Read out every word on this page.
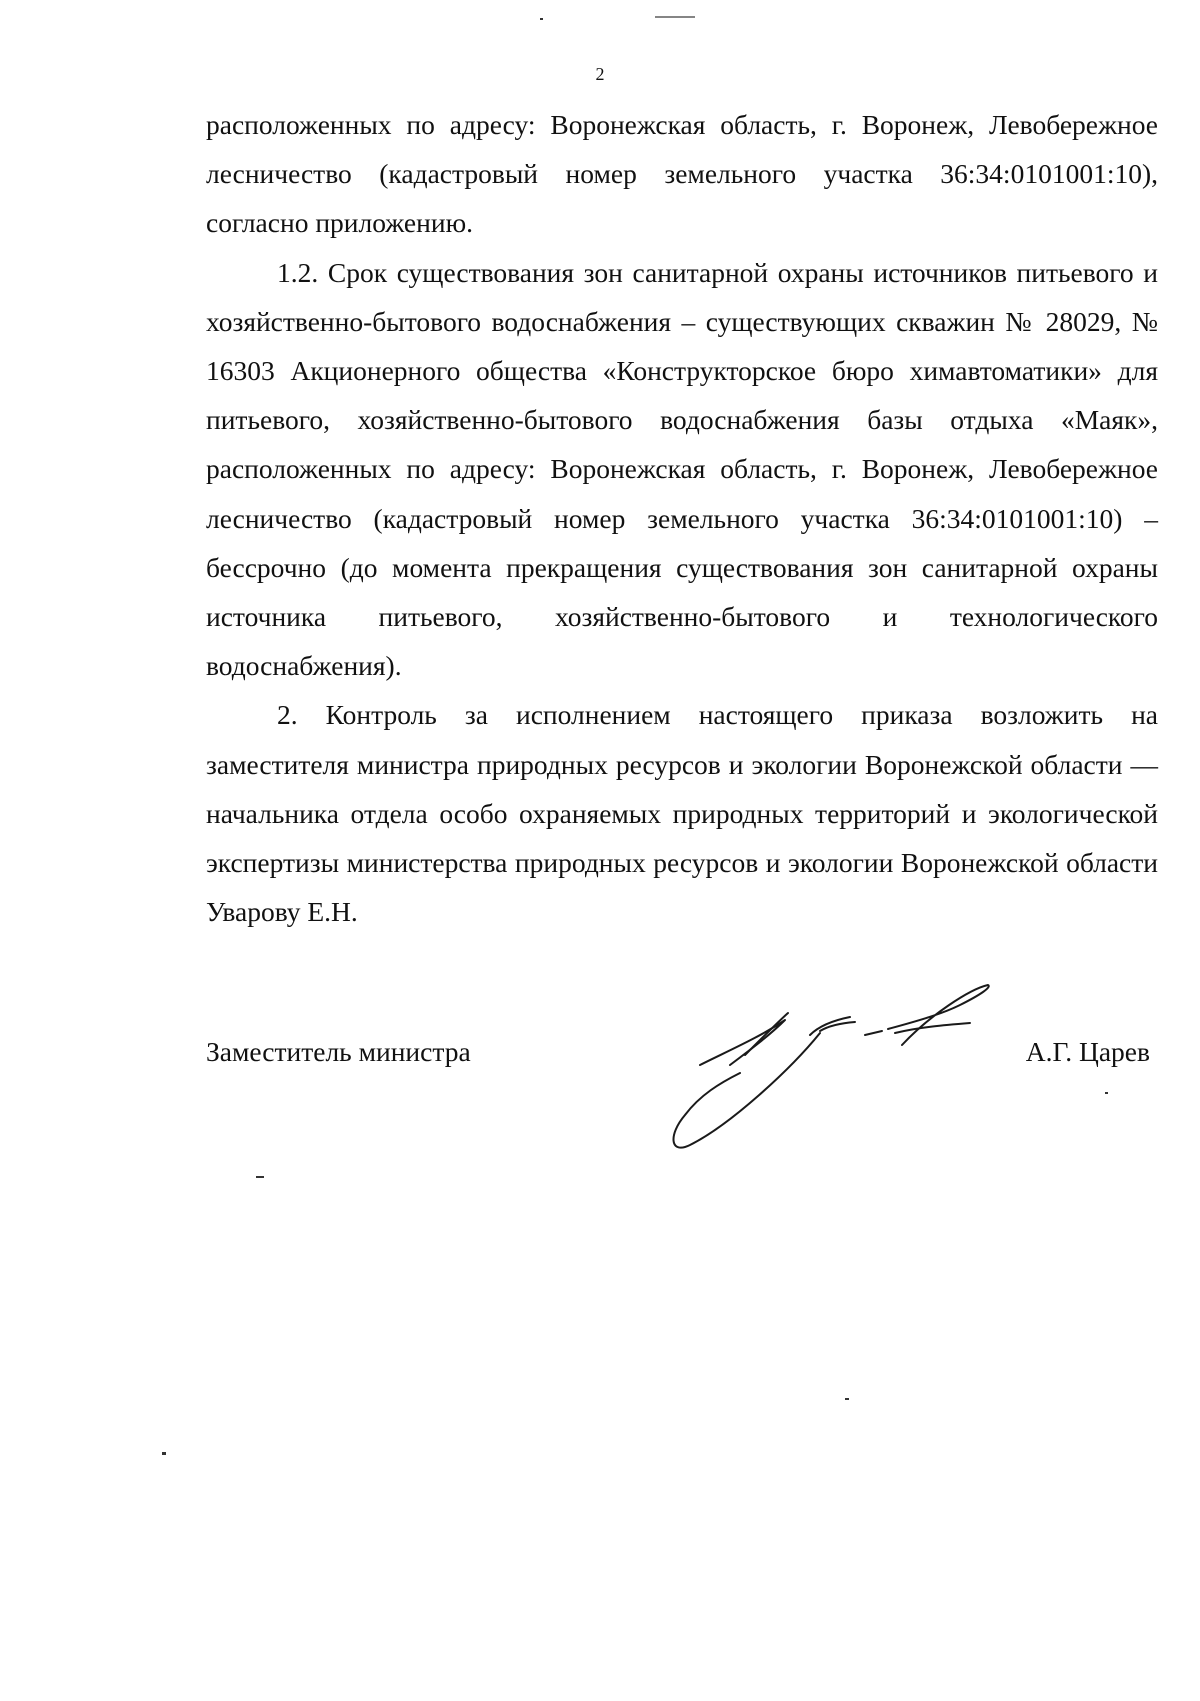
2

расположенных по адресу: Воронежская область, г. Воронеж, Левобережное лесничество (кадастровый номер земельного участка 36:34:0101001:10), согласно приложению.

1.2. Срок существования зон санитарной охраны источников питьевого и хозяйственно-бытового водоснабжения – существующих скважин № 28029, № 16303 Акционерного общества «Конструкторское бюро химавтоматики» для питьевого, хозяйственно-бытового водоснабжения базы отдыха «Маяк», расположенных по адресу: Воронежская область, г. Воронеж, Левобережное лесничество (кадастровый номер земельного участка 36:34:0101001:10) – бессрочно (до момента прекращения существования зон санитарной охраны источника питьевого, хозяйственно-бытового и технологического водоснабжения).

2. Контроль за исполнением настоящего приказа возложить на заместителя министра природных ресурсов и экологии Воронежской области — начальника отдела особо охраняемых природных территорий и экологической экспертизы министерства природных ресурсов и экологии Воронежской области Уварову Е.Н.

Заместитель министра	А.Г. Царев
